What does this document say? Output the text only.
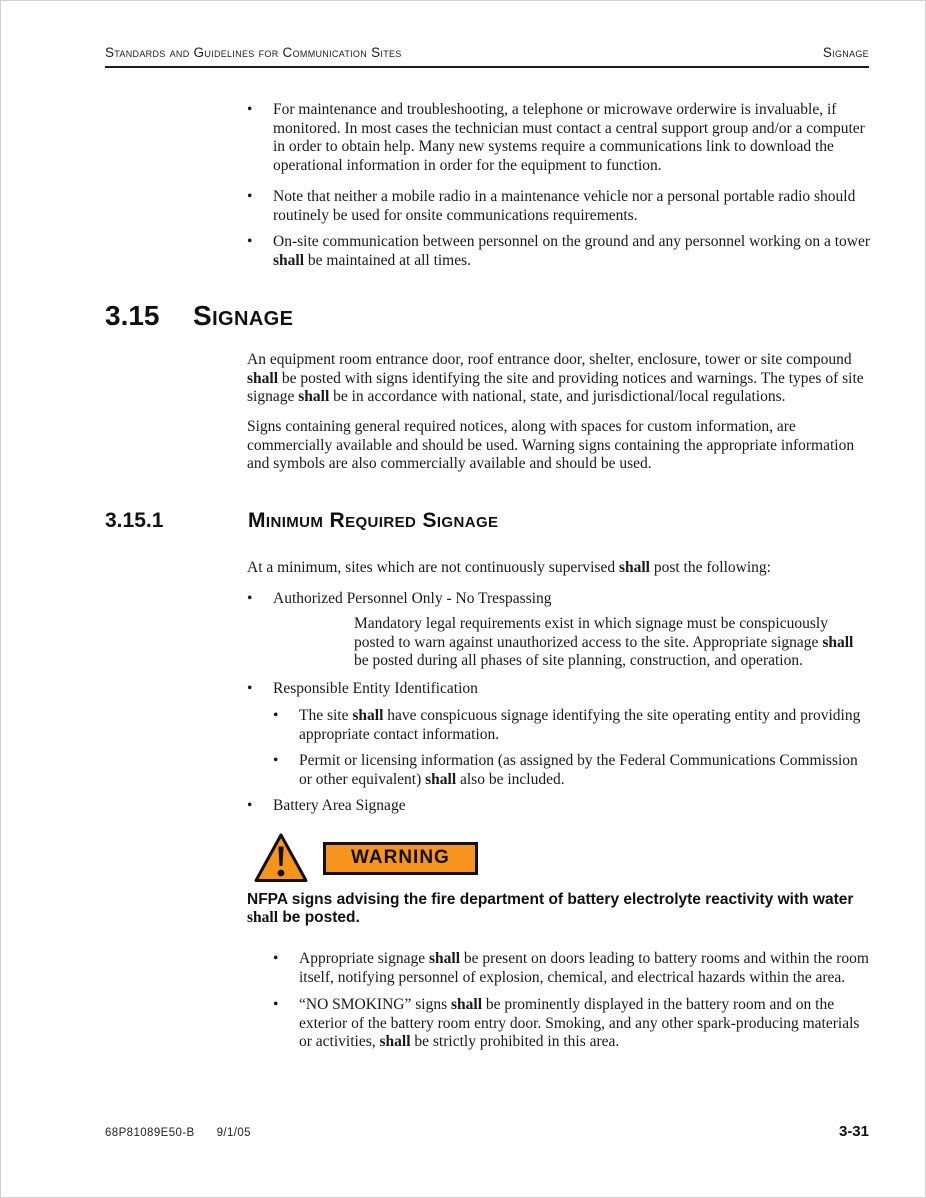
Standards and Guidelines for Communication Sites	Signage
•	For maintenance and troubleshooting, a telephone or microwave orderwire is invaluable, if monitored. In most cases the technician must contact a central support group and/or a computer in order to obtain help. Many new systems require a communications link to download the operational information in order for the equipment to function.
•	Note that neither a mobile radio in a maintenance vehicle nor a personal portable radio should routinely be used for onsite communications requirements.
•	On-site communication between personnel on the ground and any personnel working on a tower shall be maintained at all times.
3.15	Signage

An equipment room entrance door, roof entrance door, shelter, enclosure, tower or site compound shall be posted with signs identifying the site and providing notices and warnings. The types of site signage shall be in accordance with national, state, and jurisdictional/local regulations.

Signs containing general required notices, along with spaces for custom information, are commercially available and should be used. Warning signs containing the appropriate information and symbols are also commercially available and should be used.

3.15.1	Minimum Required Signage

At a minimum, sites which are not continuously supervised shall post the following:

•	Authorized Personnel Only - No Trespassing

Mandatory legal requirements exist in which signage must be conspicuously posted to warn against unauthorized access to the site. Appropriate signage shall be posted during all phases of site planning, construction, and operation.

•	Responsible Entity Identification
•	The site shall have conspicuous signage identifying the site operating entity and providing appropriate contact information.
•	Permit or licensing information (as assigned by the Federal Communications Commission or other equivalent) shall also be included.
•	Battery Area Signage
WARNING

NFPA signs advising the fire department of battery electrolyte reactivity with water shall be posted.

•	Appropriate signage shall be present on doors leading to battery rooms and within the room itself, notifying personnel of explosion, chemical, and electrical hazards within the area.
•	“NO SMOKING” signs shall be prominently displayed in the battery room and on the exterior of the battery room entry door. Smoking, and any other spark-producing materials or activities, shall be strictly prohibited in this area.
68P81089E50-B 9/1/05	3-31
